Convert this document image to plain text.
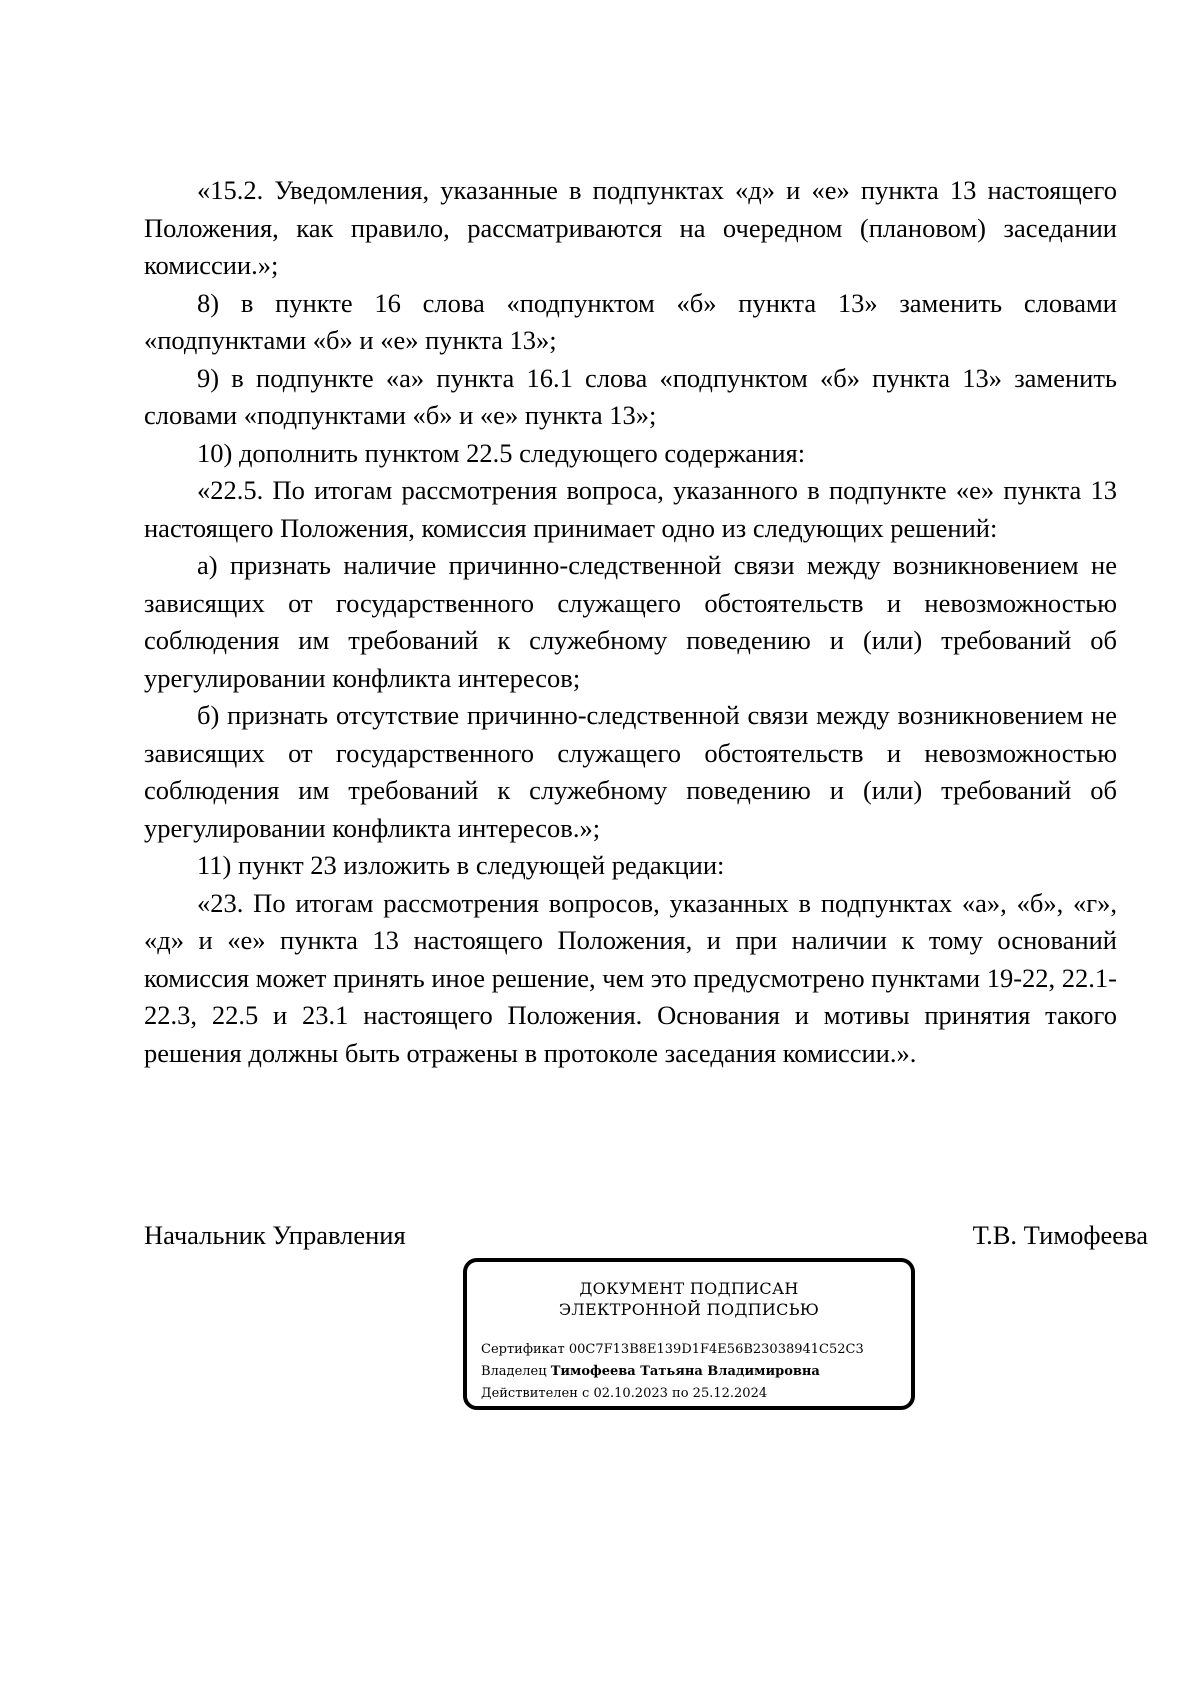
«15.2. Уведомления, указанные в подпунктах «д» и «е» пункта 13 настоящего Положения, как правило, рассматриваются на очередном (плановом) заседании комиссии.»;

8) в пункте 16 слова «подпунктом «б» пункта 13» заменить словами «подпунктами «б» и «е» пункта 13»;

9) в подпункте «а» пункта 16.1 слова «подпунктом «б» пункта 13» заменить словами «подпунктами «б» и «е» пункта 13»;

10) дополнить пунктом 22.5 следующего содержания:

«22.5. По итогам рассмотрения вопроса, указанного в подпункте «е» пункта 13 настоящего Положения, комиссия принимает одно из следующих решений:

а) признать наличие причинно-следственной связи между возникновением не зависящих от государственного служащего обстоятельств и невозможностью соблюдения им требований к служебному поведению и (или) требований об урегулировании конфликта интересов;

б) признать отсутствие причинно-следственной связи между возникновением не зависящих от государственного служащего обстоятельств и невозможностью соблюдения им требований к служебному поведению и (или) требований об урегулировании конфликта интересов.»;

11) пункт 23 изложить в следующей редакции:

«23. По итогам рассмотрения вопросов, указанных в подпунктах «а», «б», «г», «д» и «е» пункта 13 настоящего Положения, и при наличии к тому оснований комиссия может принять иное решение, чем это предусмотрено пунктами 19-22, 22.1-22.3, 22.5 и 23.1 настоящего Положения. Основания и мотивы принятия такого решения должны быть отражены в протоколе заседания комиссии.».

Начальник Управления	Т.В. Тимофеева
ДОКУМЕНТ ПОДПИСАН
ЭЛЕКТРОННОЙ ПОДПИСЬЮ
Сертификат 00C7F13B8E139D1F4E56B23038941C52C3
Владелец Тимофеева Татьяна Владимировна
Действителен с 02.10.2023 по 25.12.2024
